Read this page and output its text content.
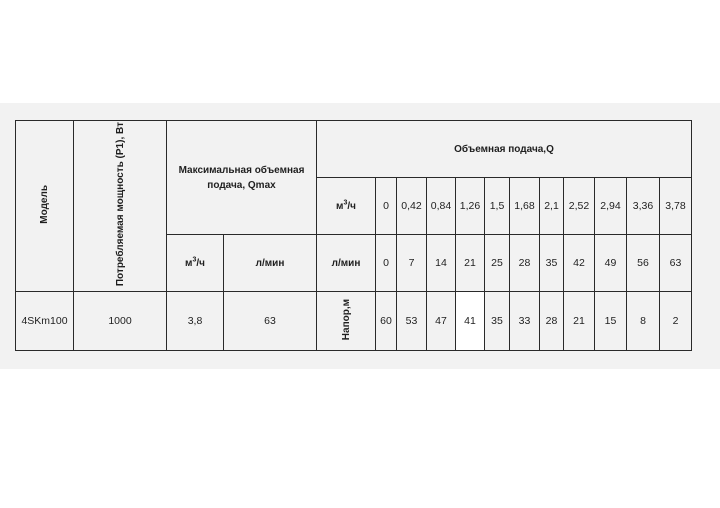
Модель	Потребляемая мощность (P1), Вт	Максимальная объемная
подача, Qmax		Объемная подача,Q											
				$м^3/ч$	0	0,42	0,84	1,26	1,5	1,68	2,1	2,52	2,94	3,36	3,78
		$м^3/ч$	л/мин	л/мин	0	7	14	21	25	28	35	42	49	56	63
4SKm100	1000	3,8	63	Напор,м	60	53	47	41	35	33	28	21	15	8	2
